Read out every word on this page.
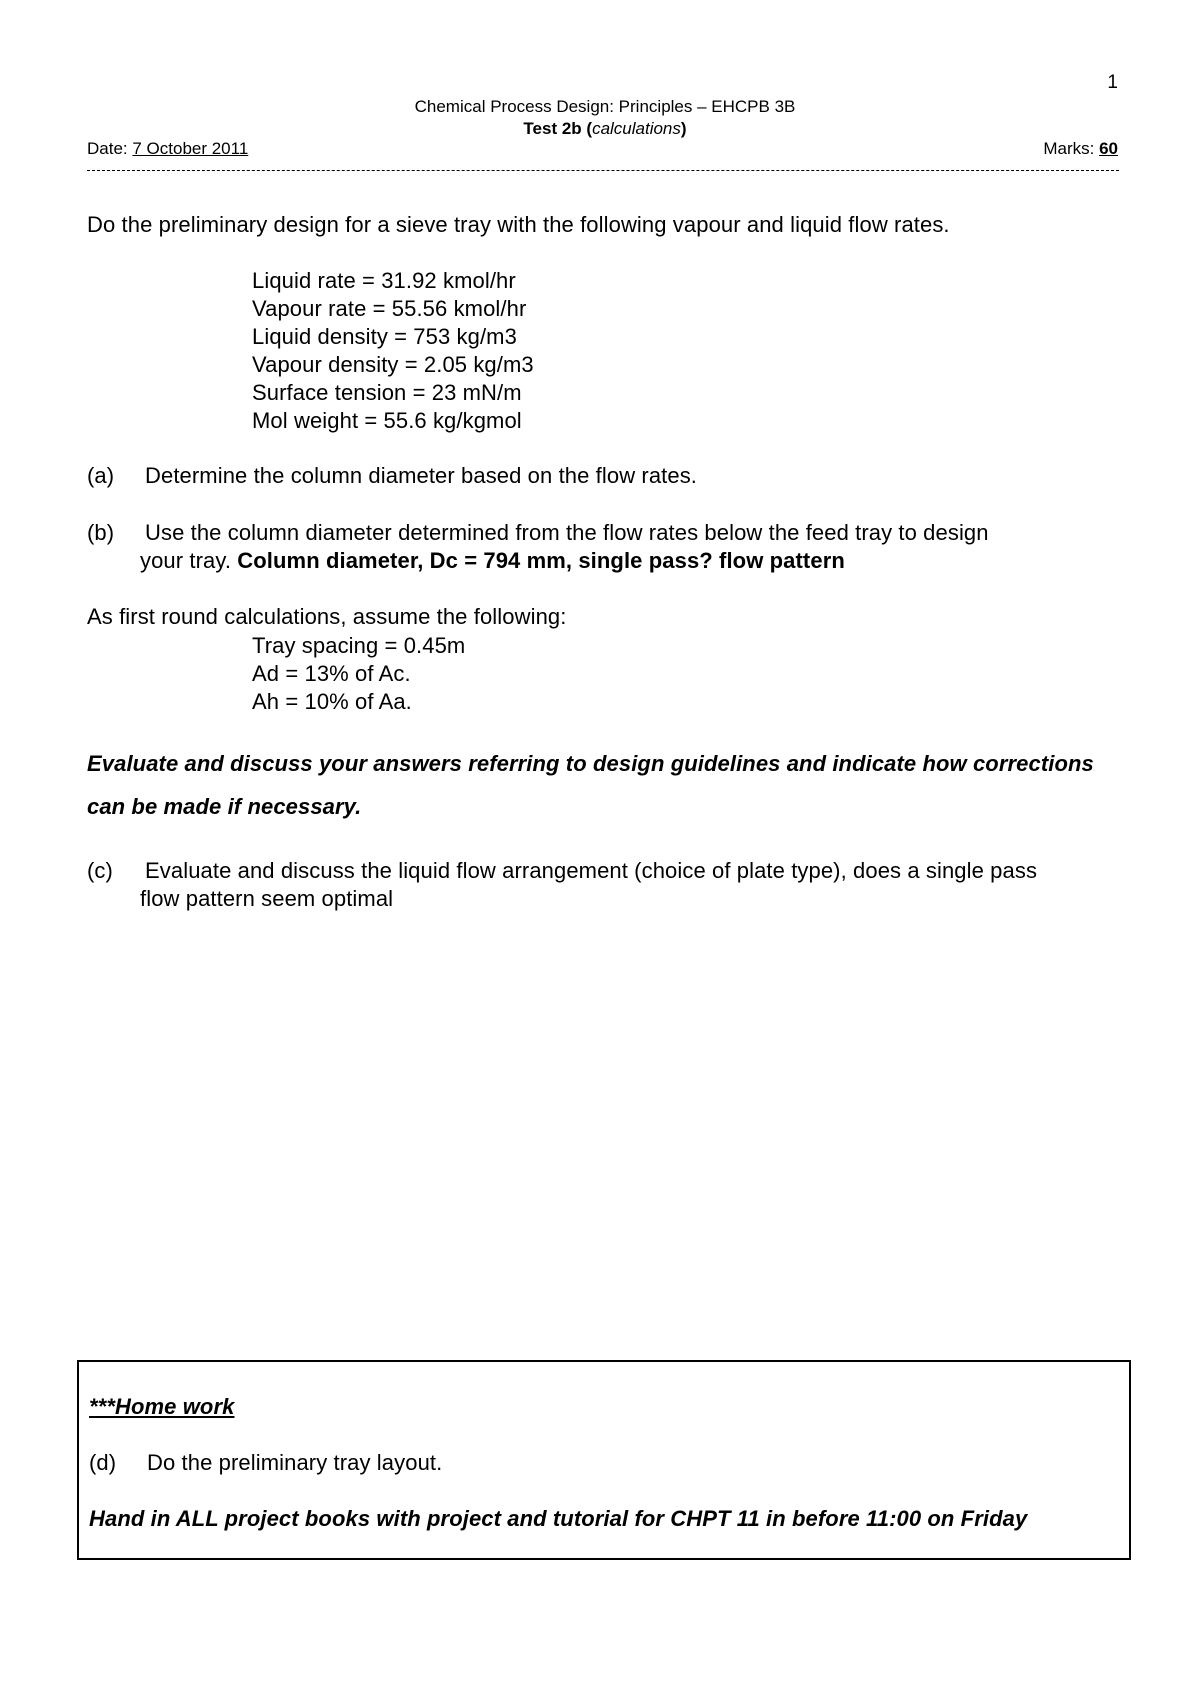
1
Chemical Process Design: Principles – EHCPB 3B
Test 2b (calculations)
Date: 7 October 2011	Marks: 60
Do the preliminary design for a sieve tray with the following vapour and liquid flow rates.
Liquid rate = 31.92 kmol/hr
Vapour rate = 55.56 kmol/hr
Liquid density = 753 kg/m3
Vapour density = 2.05 kg/m3
Surface tension = 23 mN/m
Mol weight = 55.6 kg/kgmol
(a) Determine the column diameter based on the flow rates.
(b) Use the column diameter determined from the flow rates below the feed tray to design
your tray. Column diameter, Dc = 794 mm, single pass? flow pattern
As first round calculations, assume the following:
Tray spacing = 0.45m
Ad = 13% of Ac.
Ah = 10% of Aa.
Evaluate and discuss your answers referring to design guidelines and indicate how corrections can be made if necessary.
(c) Evaluate and discuss the liquid flow arrangement (choice of plate type), does a single pass
flow pattern seem optimal
***Home work
(d) Do the preliminary tray layout.
Hand in ALL project books with project and tutorial for CHPT 11 in before 11:00 on Friday
